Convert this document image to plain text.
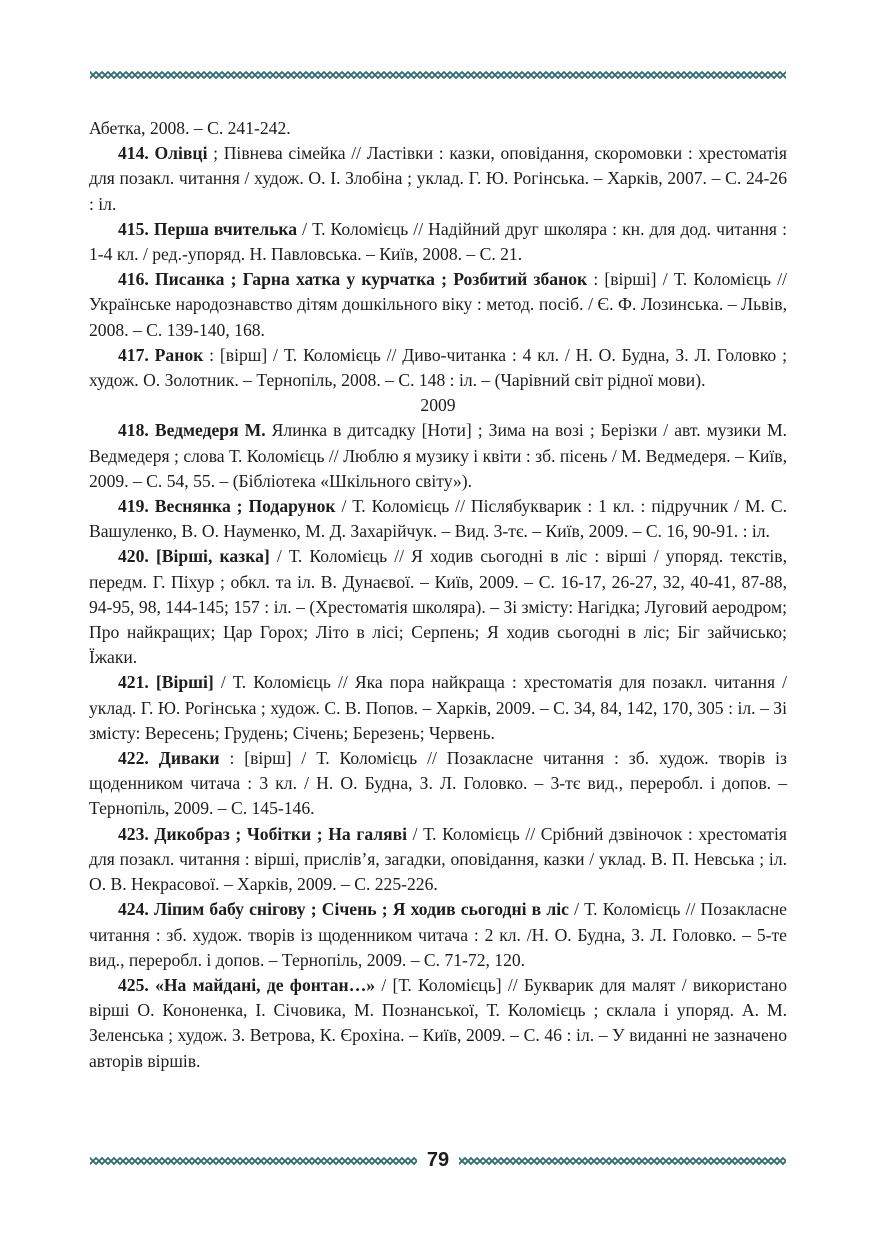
Абетка, 2008. – С. 241-242.

414. Олівці ; Півнева сімейка // Ластівки : казки, оповідання, скоромовки : хрестоматія для позакл. читання / худож. О. І. Злобіна ; уклад. Г. Ю. Рогінська. – Харків, 2007. – С. 24-26 : іл.

415. Перша вчителька / Т. Коломієць // Надійний друг школяра : кн. для дод. читання : 1-4 кл. / ред.-упоряд. Н. Павловська. – Київ, 2008. – С. 21.

416. Писанка ; Гарна хатка у курчатка ; Розбитий збанок : [вірші] / Т. Коломієць // Українське народознавство дітям дошкільного віку : метод. посіб. / Є. Ф. Лозинська. – Львів, 2008. – С. 139-140, 168.

417. Ранок : [вірш] / Т. Коломієць // Диво-читанка : 4 кл. / Н. О. Будна, З. Л. Головко ; худож. О. Золотник. – Тернопіль, 2008. – С. 148 : іл. – (Чарівний світ рідної мови).

2009

418. Ведмедеря М. Ялинка в дитсадку [Ноти] ; Зима на возі ; Берізки / авт. музики М. Ведмедеря ; слова Т. Коломієць // Люблю я музику і квіти : зб. пісень / М. Ведмедеря. – Київ, 2009. – С. 54, 55. – (Бібліотека «Шкільного світу»).

419. Веснянка ; Подарунок / Т. Коломієць // Післябукварик : 1 кл. : підручник / М. С. Вашуленко, В. О. Науменко, М. Д. Захарійчук. – Вид. 3-тє. – Київ, 2009. – С. 16, 90-91. : іл.

420. [Вірші, казка] / Т. Коломієць // Я ходив сьогодні в ліс : вірші / упоряд. текстів, передм. Г. Піхур ; обкл. та іл. В. Дунаєвої. – Київ, 2009. – С. 16-17, 26-27, 32, 40-41, 87-88, 94-95, 98, 144-145; 157 : іл. – (Хрестоматія школяра). – Зі змісту: Нагідка; Луговий аеродром; Про найкращих; Цар Горох; Літо в лісі; Серпень; Я ходив сьогодні в ліс; Біг зайчисько; Їжаки.

421. [Вірші] / Т. Коломієць // Яка пора найкраща : хрестоматія для позакл. читання / уклад. Г. Ю. Рогінська ; худож. С. В. Попов. – Харків, 2009. – С. 34, 84, 142, 170, 305 : іл. – Зі змісту: Вересень; Грудень; Січень; Березень; Червень.

422. Диваки : [вірш] / Т. Коломієць // Позакласне читання : зб. худож. творів із щоденником читача : 3 кл. / Н. О. Будна, З. Л. Головко. – 3-тє вид., переробл. і допов. – Тернопіль, 2009. – С. 145-146.

423. Дикобраз ; Чобітки ; На галяві / Т. Коломієць // Срібний дзвіночок : хрестоматія для позакл. читання : вірші, прислів’я, загадки, оповідання, казки / уклад. В. П. Невська ; іл. О. В. Некрасової. – Харків, 2009. – С. 225-226.

424. Ліпим бабу снігову ; Січень ; Я ходив сьогодні в ліс / Т. Коломієць // Позакласне читання : зб. худож. творів із щоденником читача : 2 кл. /Н. О. Будна, З. Л. Головко. – 5-те вид., переробл. і допов. – Тернопіль, 2009. – С. 71-72, 120.

425. «На майдані, де фонтан…» / [Т. Коломієць] // Букварик для малят / використано вірші О. Кононенка, І. Січовика, М. Познанської, Т. Коломієць ; склала і упоряд. А. М. Зеленська ; худож. З. Ветрова, К. Єрохіна. – Київ, 2009. – С. 46 : іл. – У виданні не зазначено авторів віршів.

79
